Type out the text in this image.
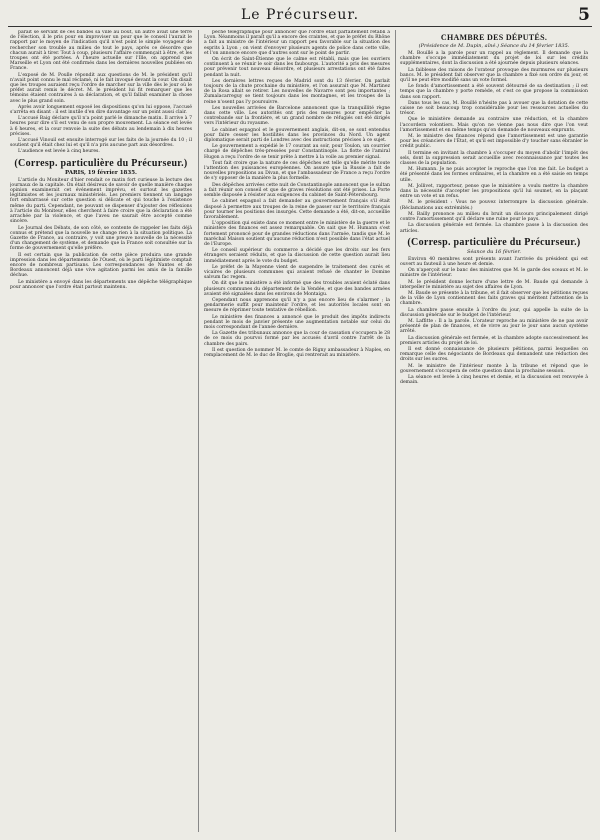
Le Précurseur.	5

parait se servant de ces bandes sa ville au bout, un autre avait une terre de l'élection, il le pris pour en improviser un pour que le conseil l'aurait le rapport par le moyen de l'indication qu'il n'est point le simple voyageur de rechercher son trouble au milieu de tout le pays, après ce désordre que chacun aurait à tirer. Tout à coup, plusieurs l'affaire commençait à être, et les troupes ont été portées. À l'heure actuelle sur l'Ille, on apprend que Marseille et Lyon ont été confirmés dans les dernières nouvelles publiées en France.

L'exposé de M. Poulle répondit aux questions de M. le président qu'il n'avait point connu le mal réclamé, ni le fait invoqué devant la cour. On disait que les troupes auraient reçu l'ordre de marcher sur la ville dès le jour où le préfet aurait remis le décret. M. le président lui fit remarquer que les témoins étaient contraires à sa déclaration, et qu'il fallait examiner la chose avec le plus grand soin.

Après avoir longuement exposé les dispositions qu'on lui oppose, l'accusé s'arrêta en disant : il est inutile d'en dire davantage sur un point aussi clair.

L'accusé Baig déclare qu'il n'a point parlé le dimanche matin. Il arrive à 7 heures pour dire s'il est venu de son propre mouvement. La séance est levée à 6 heures, et la cour renvoie la suite des débats au lendemain à dix heures précises.

L'accusé Vinouil est ensuite interrogé sur les faits de la journée du 10 ; il soutient qu'il était chez lui et qu'il n'a pris aucune part aux désordres.

L'audience est levée à cinq heures.

(Corresp. particulière du Précurseur.)
PARIS, 19 février 1835.

L'article du Moniteur d'hier rendait ce matin fort curieuse la lecture des journaux de la capitale. On était désireux de savoir de quelle manière chaque opinion examinerait cet événement imprévu, et surtout les gazettes légitimistes et les journaux ministériels. Les premiers tiennent un langage fort embarrassé sur cette question si délicate et qui touche à l'existence même du parti. Cependant, ne pouvant se dispenser d'ajouter des réflexions à l'article du Moniteur, elles cherchent à faire croire que la déclaration a été arrachée par la violence, et que l'aveu ne saurait être accepté comme sincère.

Le Journal des Débats, de son côté, se contente de rappeler les faits déjà connus et prétend que la nouvelle ne change rien à la situation politique. La Gazette de France, au contraire, y voit une preuve nouvelle de la nécessité d'un changement de système, et demande que la France soit consultée sur la forme de gouvernement qu'elle préfère.

Il est certain que la publication de cette pièce produira une grande impression dans les départements de l'Ouest, où le parti légitimiste comptait encore de nombreux partisans. Les correspondances de Nantes et de Bordeaux annoncent déjà une vive agitation parmi les amis de la famille déchue.

Le ministère a envoyé dans les départements une dépêche télégraphique pour annoncer que l'ordre était partout maintenu.

pêche télégraphique pour annoncer que l'ordre était parfaitement rétabli à Lyon. Néanmoins il paraît qu'il a encore des craintes, et que le préfet du Rhône a fait au ministre de l'intérieur un rapport peu favorable sur la situation des esprits à Lyon ; on vient d'envoyer plusieurs agents de police dans cette ville, et l'on annonce encore que d'autres sont sur le point de partir.

On écrit de Saint-Étienne que le calme est rétabli, mais que les ouvriers continuent à se réunir le soir dans les faubourgs. L'autorité a pris des mesures pour prévenir tout nouveau désordre, et plusieurs arrestations ont été faites pendant la nuit.

Les dernières lettres reçues de Madrid sont du 13 février. On parlait toujours de la chute prochaine du ministère, et l'on assurait que M. Martinez de la Rosa allait se retirer. Les nouvelles de Navarre sont peu importantes ; Zumalacarreguy se tient toujours dans les montagnes, et les troupes de la reine n'osent pas l'y poursuivre.

Les nouvelles arrivées de Barcelone annoncent que la tranquillité règne dans cette ville. Les autorités ont pris des mesures pour empêcher la contrebande sur la frontière, et un grand nombre de réfugiés ont été dirigés vers l'intérieur du royaume.

Le cabinet espagnol et le gouvernement anglais, dit-on, se sont entendus pour faire cesser les hostilités dans les provinces du Nord. Un agent diplomatique serait parti de Londres avec des instructions précises à ce sujet.

Le gouvernement a expédié le 17 courant au soir, pour Toulon, un courrier chargé de dépêches très-pressées pour Constantinople. La flotte de l'amiral Hugon a reçu l'ordre de se tenir prête à mettre à la voile au premier signal.

Tout fait croire que la nature de ces dépêches est telle qu'elle mérite toute l'attention des puissances européennes. On assure que la Russie a fait de nouvelles propositions au Divan, et que l'ambassadeur de France a reçu l'ordre de s'y opposer de la manière la plus formelle.

Des dépêches arrivées cette nuit de Constantinople annoncent que le sultan a fait réunir son conseil et que de graves résolutions ont été prises. La Porte semble disposée à résister aux exigences du cabinet de Saint-Pétersbourg.

Le cabinet espagnol a fait demander au gouvernement français s'il était disposé à permettre aux troupes de la reine de passer sur le territoire français pour tourner les positions des insurgés. Cette demande a été, dit-on, accueillie favorablement.

L'opposition qui existe dans ce moment entre le ministère de la guerre et le ministère des finances est assez remarquable. On sait que M. Humann s'est fortement prononcé pour de grandes réductions dans l'armée, tandis que M. le maréchal Maison soutient qu'aucune réduction n'est possible dans l'état actuel de l'Europe.

Le conseil supérieur du commerce a décidé que les droits sur les fers étrangers seraient réduits, et que la discussion de cette question aurait lieu immédiatement après le vote du budget.

Le préfet de la Mayenne vient de suspendre le traitement des curés et vicaires de plusieurs communes qui avaient refusé de chanter le Domine salvum fac regem.

On dit que le ministère a été informé que des troubles avaient éclaté dans plusieurs communes du département de la Vendée, et que des bandes armées avaient été signalées dans les environs de Montaigu.

Cependant nous apprenons qu'il n'y a pas encore lieu de s'alarmer ; la gendarmerie suffit pour maintenir l'ordre, et les autorités locales sont en mesure de réprimer toute tentative de rébellion.

Le ministère des finances a annoncé que le produit des impôts indirects pendant le mois de janvier présente une augmentation notable sur celui du mois correspondant de l'année dernière.

La Gazette des tribunaux annonce que la cour de cassation s'occupera le 28 de ce mois du pourvoi formé par les accusés d'avril contre l'arrêt de la chambre des pairs.

Il est question de nommer M. le comte de Rigny ambassadeur à Naples, en remplacement de M. le duc de Broglie, qui rentrerait au ministère.

CHAMBRE DES DÉPUTÉS.
(Présidence de M. Dupin, aîné.) Séance du 14 février 1835.

M. Bouillé a la parole pour un rappel au règlement. Il demande que la chambre s'occupe immédiatement du projet de loi sur les crédits supplémentaires, dont la discussion a été ajournée depuis plusieurs séances.

La faiblesse des raisons de l'orateur provoque des murmures sur plusieurs bancs. M. le président fait observer que la chambre a fixé son ordre du jour, et qu'il ne peut être modifié sans un vote formel.

Le fonds d'amortissement a été souvent détourné de sa destination ; il est temps que la chambre y porte remède, et c'est ce que propose la commission dans son rapport.

Dans tous les cas, M. Bouillé n'hésite pas à avouer que la dotation de cette caisse ne soit beaucoup trop considérable pour les ressources actuelles du trésor.

Que le ministère demande au contraire une réduction, et la chambre l'accordera volontiers. Mais qu'on ne vienne pas nous dire que l'on veut l'amortissement et en même temps qu'on demande de nouveaux emprunts.

M. le ministre des finances répond que l'amortissement est une garantie pour les créanciers de l'État, et qu'il est impossible d'y toucher sans ébranler le crédit public.

Il termine en invitant la chambre à s'occuper du moyen d'abolir l'impôt des sels, dont la suppression serait accueillie avec reconnaissance par toutes les classes de la population.

M. Humann. Je ne puis accepter le reproche que l'on me fait. Le budget a été présenté dans les formes ordinaires, et la chambre en a été saisie en temps utile.

M. Jollivet, rapporteur, pense que le ministère a voulu mettre la chambre dans la nécessité d'accepter les propositions qu'il lui soumet, en la plaçant entre un vote et un refus.

M. le président : Vous ne pouvez interrompre la discussion générale. (Réclamations aux extrémités.)

M. Bailly prononce au milieu du bruit un discours principalement dirigé contre l'amortissement qu'il déclare une ruine pour le pays.

La discussion générale est fermée. La chambre passe à la discussion des articles.

(Corresp. particulière du Précurseur.)
Séance du 16 février.

Environ 40 membres sont présents avant l'arrivée du président qui est ouvert au fauteuil à une heure et demie.

On n'aperçoit sur le banc des ministres que M. le garde des sceaux et M. le ministre de l'intérieur.

M. le président donne lecture d'une lettre de M. Baude qui demande à interpeller le ministère au sujet des affaires de Lyon.

M. Baude se présente à la tribune, et il fait observer que les pétitions reçues de la ville de Lyon contiennent des faits graves qui méritent l'attention de la chambre.

La chambre passe ensuite à l'ordre du jour, qui appelle la suite de la discussion générale sur le budget de l'intérieur.

M. Laffitte : Il a la parole. L'orateur reproche au ministère de ne pas avoir présenté de plan de finances, et de vivre au jour le jour sans aucun système arrêté.

La discussion générale est fermée, et la chambre adopte successivement les premiers articles du projet de loi.

Il est donné connaissance de plusieurs pétitions, parmi lesquelles on remarque celle des négociants de Bordeaux qui demandent une réduction des droits sur les sucres.

M. le ministre de l'intérieur monte à la tribune et répond que le gouvernement s'occupera de cette question dans la prochaine session.

La séance est levée à cinq heures et demie, et la discussion est renvoyée à demain.
